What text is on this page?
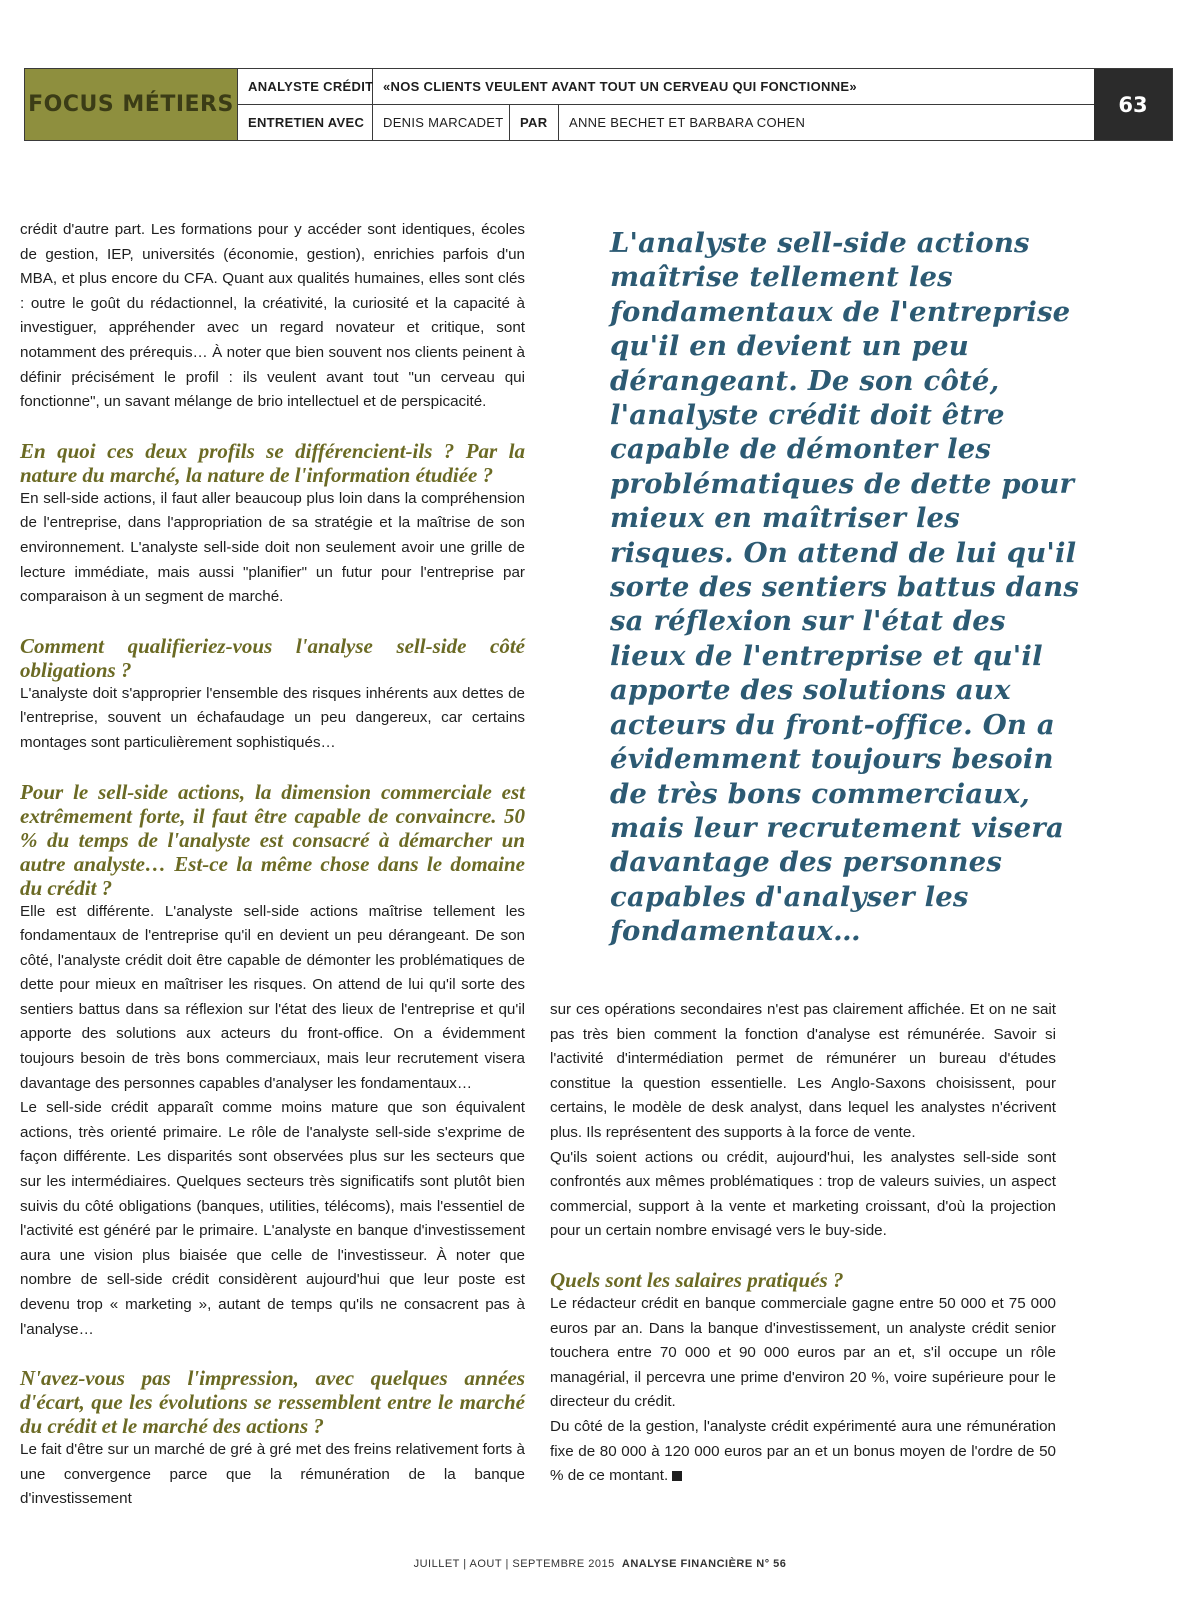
FOCUS MÉTIERS
ANALYSTE CRÉDIT «NOS CLIENTS VEULENT AVANT TOUT UN CERVEAU QUI FONCTIONNE»
ENTRETIEN AVEC	DENIS MARCADET	PAR	ANNE BECHET ET BARBARA COHEN
63

crédit d'autre part. Les formations pour y accéder sont identiques, écoles de gestion, IEP, universités (économie, gestion), enrichies parfois d'un MBA, et plus encore du CFA. Quant aux qualités humaines, elles sont clés : outre le goût du rédactionnel, la créativité, la curiosité et la capacité à investiguer, appréhender avec un regard novateur et critique, sont notamment des prérequis… À noter que bien souvent nos clients peinent à définir précisément le profil : ils veulent avant tout "un cerveau qui fonctionne", un savant mélange de brio intellectuel et de perspicacité.

En quoi ces deux profils se différencient-ils ? Par la nature du marché, la nature de l'information étudiée ?

En sell-side actions, il faut aller beaucoup plus loin dans la compréhension de l'entreprise, dans l'appropriation de sa stratégie et la maîtrise de son environnement. L'analyste sell-side doit non seulement avoir une grille de lecture immédiate, mais aussi "planifier" un futur pour l'entreprise par comparaison à un segment de marché.

Comment qualifieriez-vous l'analyse sell-side côté obligations ?

L'analyste doit s'approprier l'ensemble des risques inhérents aux dettes de l'entreprise, souvent un échafaudage un peu dangereux, car certains montages sont particulièrement sophistiqués…

Pour le sell-side actions, la dimension commerciale est extrêmement forte, il faut être capable de convaincre. 50 % du temps de l'analyste est consacré à démarcher un autre analyste… Est-ce la même chose dans le domaine du crédit ?

Elle est différente. L'analyste sell-side actions maîtrise tellement les fondamentaux de l'entreprise qu'il en devient un peu dérangeant. De son côté, l'analyste crédit doit être capable de démonter les problématiques de dette pour mieux en maîtriser les risques. On attend de lui qu'il sorte des sentiers battus dans sa réflexion sur l'état des lieux de l'entreprise et qu'il apporte des solutions aux acteurs du front-office. On a évidemment toujours besoin de très bons commerciaux, mais leur recrutement visera davantage des personnes capables d'analyser les fondamentaux…

Le sell-side crédit apparaît comme moins mature que son équivalent actions, très orienté primaire. Le rôle de l'analyste sell-side s'exprime de façon différente. Les disparités sont observées plus sur les secteurs que sur les intermédiaires. Quelques secteurs très significatifs sont plutôt bien suivis du côté obligations (banques, utilities, télécoms), mais l'essentiel de l'activité est généré par le primaire. L'analyste en banque d'investissement aura une vision plus biaisée que celle de l'investisseur. À noter que nombre de sell-side crédit considèrent aujourd'hui que leur poste est devenu trop « marketing », autant de temps qu'ils ne consacrent pas à l'analyse…

N'avez-vous pas l'impression, avec quelques années d'écart, que les évolutions se ressemblent entre le marché du crédit et le marché des actions ?

Le fait d'être sur un marché de gré à gré met des freins relativement forts à une convergence parce que la rémunération de la banque d'investissement

L'analyste sell-side actions maîtrise tellement les fondamentaux de l'entreprise qu'il en devient un peu dérangeant. De son côté, l'analyste crédit doit être capable de démonter les problématiques de dette pour mieux en maîtriser les risques. On attend de lui qu'il sorte des sentiers battus dans sa réflexion sur l'état des lieux de l'entreprise et qu'il apporte des solutions aux acteurs du front-office. On a évidemment toujours besoin de très bons commerciaux, mais leur recrutement visera davantage des personnes capables d'analyser les fondamentaux…

sur ces opérations secondaires n'est pas clairement affichée. Et on ne sait pas très bien comment la fonction d'analyse est rémunérée. Savoir si l'activité d'intermédiation permet de rémunérer un bureau d'études constitue la question essentielle. Les Anglo-Saxons choisissent, pour certains, le modèle de desk analyst, dans lequel les analystes n'écrivent plus. Ils représentent des supports à la force de vente.

Qu'ils soient actions ou crédit, aujourd'hui, les analystes sell-side sont confrontés aux mêmes problématiques : trop de valeurs suivies, un aspect commercial, support à la vente et marketing croissant, d'où la projection pour un certain nombre envisagé vers le buy-side.

Quels sont les salaires pratiqués ?

Le rédacteur crédit en banque commerciale gagne entre 50 000 et 75 000 euros par an. Dans la banque d'investissement, un analyste crédit senior touchera entre 70 000 et 90 000 euros par an et, s'il occupe un rôle managérial, il percevra une prime d'environ 20 %, voire supérieure pour le directeur du crédit.

Du côté de la gestion, l'analyste crédit expérimenté aura une rémunération fixe de 80 000 à 120 000 euros par an et un bonus moyen de l'ordre de 50 % de ce montant.

JUILLET | AOUT | SEPTEMBRE 2015 ANALYSE FINANCIÈRE N° 56
